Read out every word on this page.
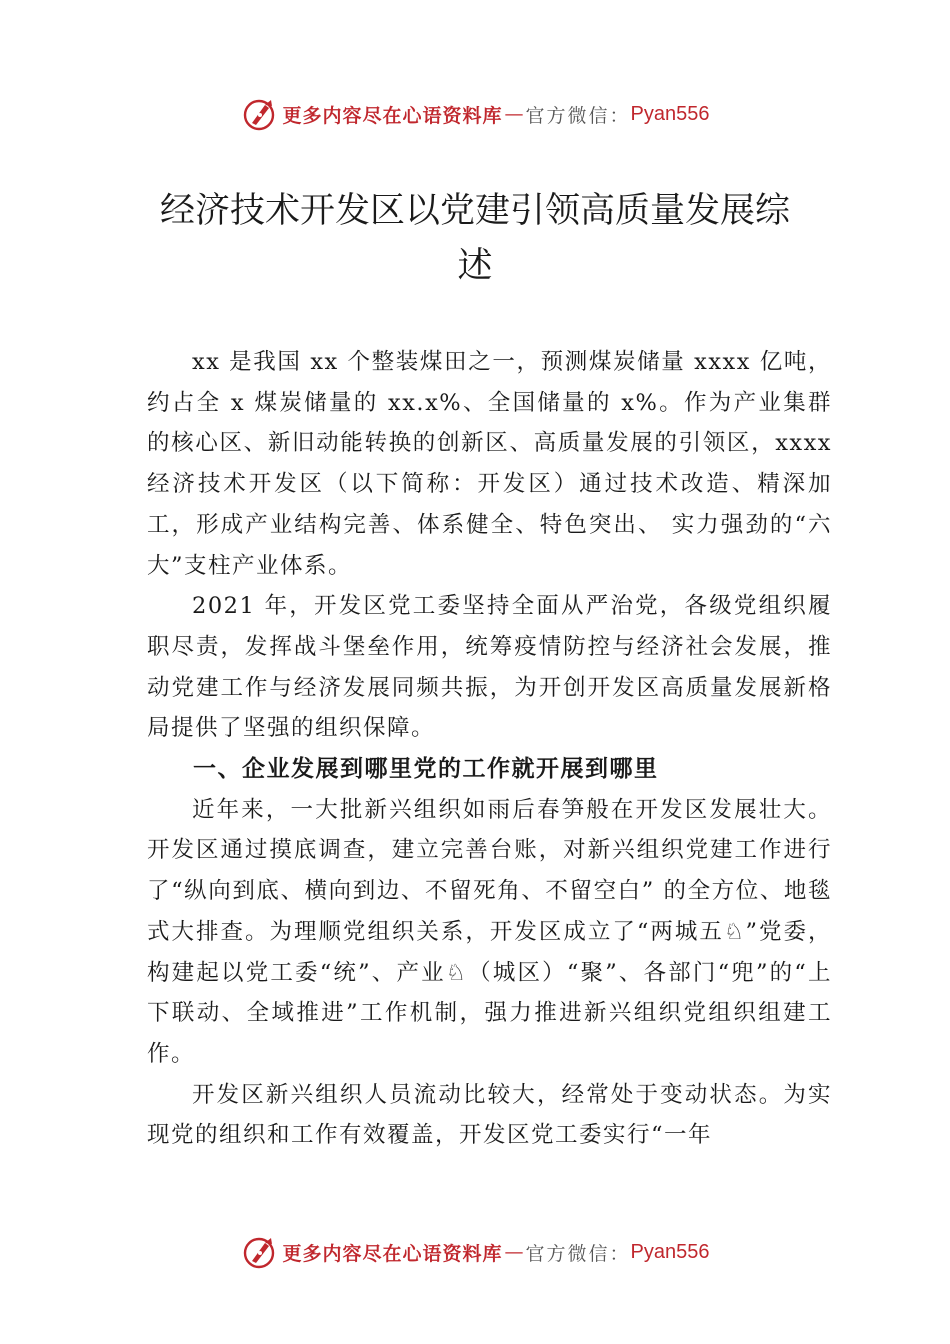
更多内容尽在心语资料库 — 官方微信： Pyan556
经济技术开发区以党建引领高质量发展综述

xx 是我国 xx 个整装煤田之一，预测煤炭储量 xxxx 亿吨，约占全 x 煤炭储量的 xx.x%、全国储量的 x%。作为产业集群的核心区、新旧动能转换的创新区、高质量发展的引领区，xxxx 经济技术开发区（以下简称：开发区）通过技术改造、精深加工，形成产业结构完善、体系健全、特色突出、 实力强劲的“六大”支柱产业体系。

2021 年，开发区党工委坚持全面从严治党，各级党组织履职尽责，发挥战斗堡垒作用，统筹疫情防控与经济社会发展，推动党建工作与经济发展同频共振，为开创开发区高质量发展新格局提供了坚强的组织保障。

一、企业发展到哪里党的工作就开展到哪里

近年来，一大批新兴组织如雨后春笋般在开发区发展壮大。开发区通过摸底调查，建立完善台账，对新兴组织党建工作进行了“纵向到底、横向到边、不留死角、不留空白” 的全方位、地毯式大排查。为理顺党组织关系，开发区成立了“两城五♘”党委，构建起以党工委“统”、产业♘（城区）“聚”、各部门“兜”的“上下联动、全域推进”工作机制，强力推进新兴组织党组织组建工作。

开发区新兴组织人员流动比较大，经常处于变动状态。为实现党的组织和工作有效覆盖，开发区党工委实行“一年

更多内容尽在心语资料库 — 官方微信： Pyan556
